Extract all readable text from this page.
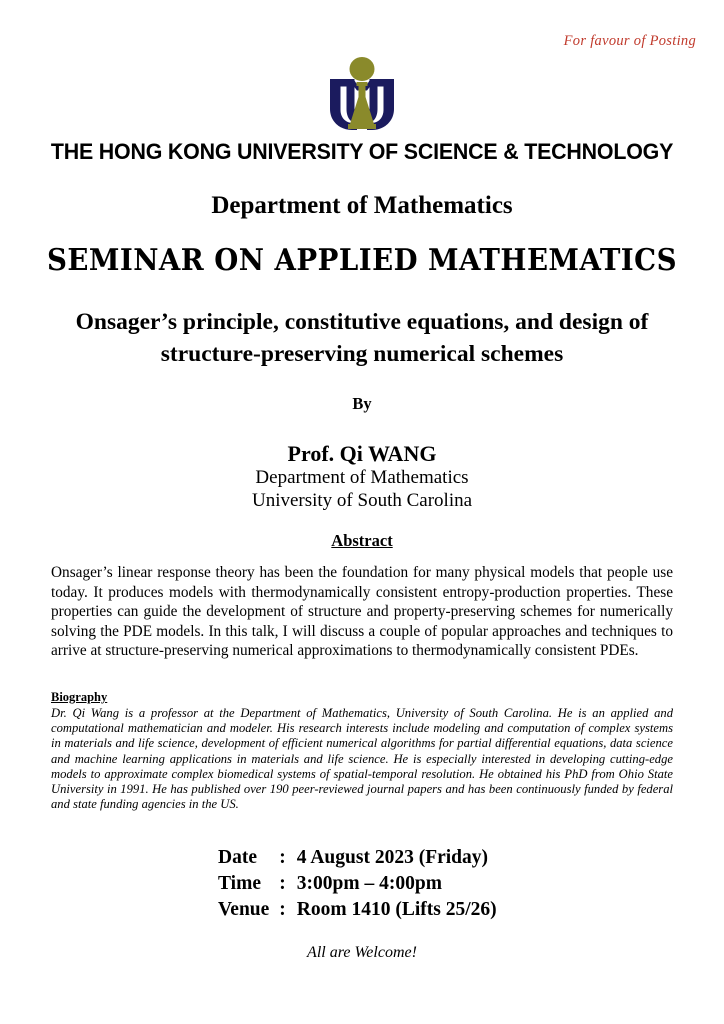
For favour of Posting
THE HONG KONG UNIVERSITY OF SCIENCE & TECHNOLOGY
Department of Mathematics
SEMINAR ON APPLIED MATHEMATICS
Onsager’s principle, constitutive equations, and design of structure-preserving numerical schemes
By
Prof. Qi WANG
Department of Mathematics
University of South Carolina
Abstract
Onsager’s linear response theory has been the foundation for many physical models that people use today. It produces models with thermodynamically consistent entropy-production properties. These properties can guide the development of structure and property-preserving schemes for numerically solving the PDE models. In this talk, I will discuss a couple of popular approaches and techniques to arrive at structure-preserving numerical approximations to thermodynamically consistent PDEs.
Biography
Dr. Qi Wang is a professor at the Department of Mathematics, University of South Carolina. He is an applied and computational mathematician and modeler. His research interests include modeling and computation of complex systems in materials and life science, development of efficient numerical algorithms for partial differential equations, data science and machine learning applications in materials and life science. He is especially interested in developing cutting-edge models to approximate complex biomedical systems of spatial-temporal resolution. He obtained his PhD from Ohio State University in 1991. He has published over 190 peer-reviewed journal papers and has been continuously funded by federal and state funding agencies in the US.
Date	:	4 August 2023 (Friday)
Time	:	3:00pm – 4:00pm
Venue	:	Room 1410 (Lifts 25/26)
All are Welcome!
